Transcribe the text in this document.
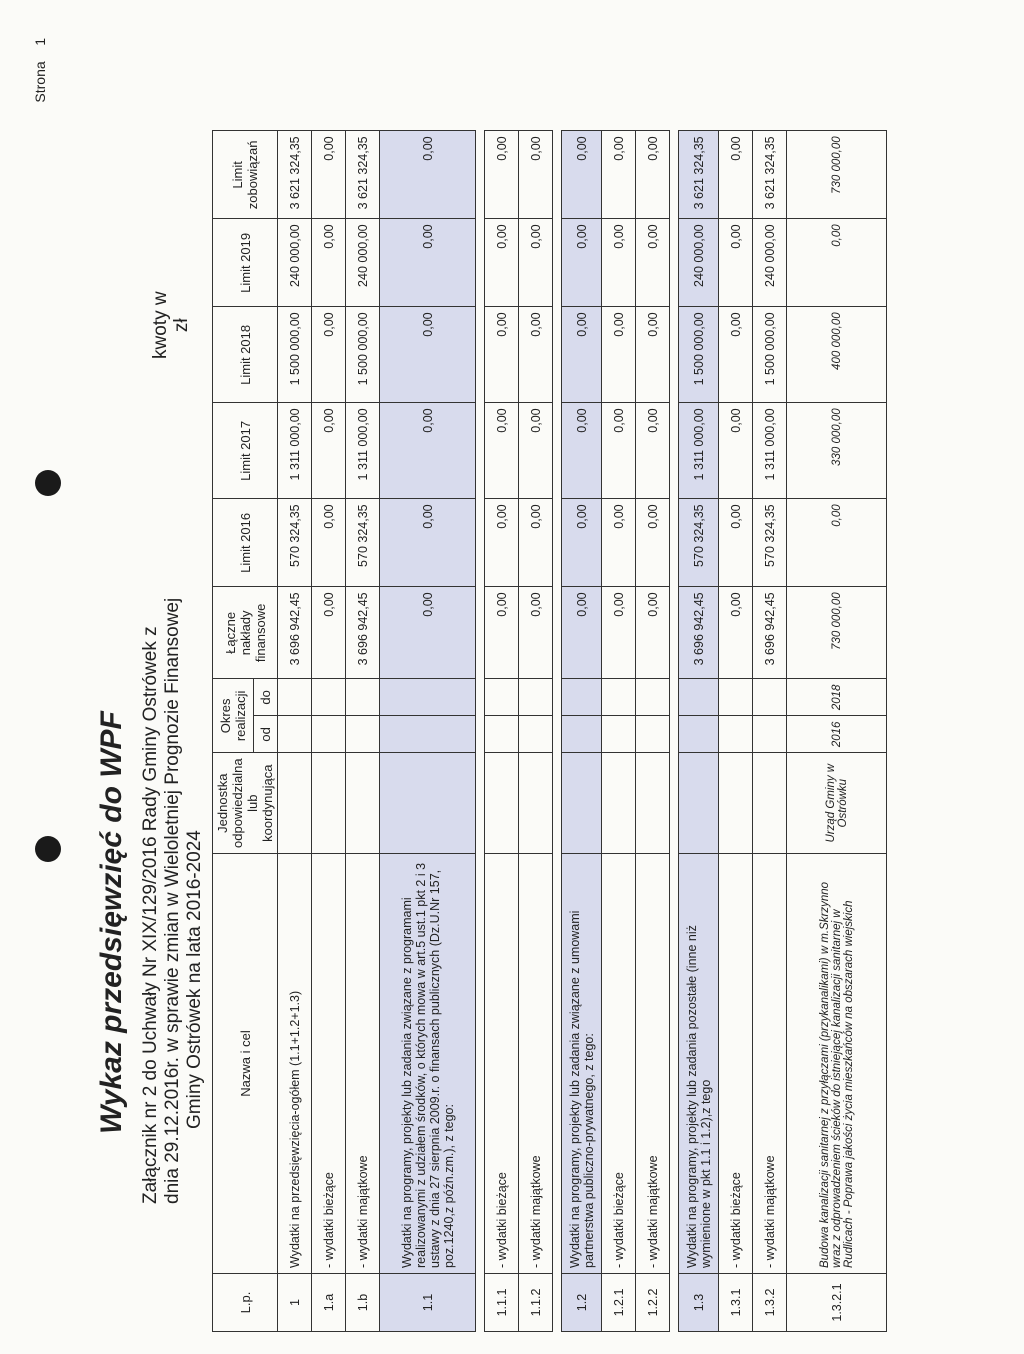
Strona    1
Wykaz przedsięwzięć do WPF Załącznik nr 2 do Uchwały Nr XIX/129/2016 Rady Gminy Ostrówek z dnia 29.12.2016r. w sprawie zmian w Wieloletniej Prognozie Finansowej Gminy Ostrówek na lata 2016-2024
kwoty w zł
L.p.	Nazwa i cel	Jednostka odpowiedzialna lub koordynująca	Okres realizacji		Łączne nakłady finansowe	Limit 2016	Limit 2017	Limit 2018	Limit 2019	Limit zobowiązań
			od	do						
1	Wydatki na przedsięwzięcia-ogółem (1.1+1.2+1.3)				3 696 942,45	570 324,35	1 311 000,00	1 500 000,00	240 000,00	3 621 324,35
1.a	- wydatki bieżące				0,00	0,00	0,00	0,00	0,00	0,00
1.b	- wydatki majątkowe				3 696 942,45	570 324,35	1 311 000,00	1 500 000,00	240 000,00	3 621 324,35
1.1	Wydatki na programy, projekty lub zadania związane z programami realizowanymi z udziałem środków, o których mowa w art.5 ust.1 pkt 2 i 3 ustawy z dnia 27 sierpnia 2009.r. o finansach publicznych (Dz.U.Nr 157, poz.1240,z późn.zm.), z tego:				0,00	0,00	0,00	0,00	0,00	0,00

1.1.1	- wydatki bieżące				0,00	0,00	0,00	0,00	0,00	0,00
1.1.2	- wydatki majątkowe				0,00	0,00	0,00	0,00	0,00	0,00

1.2	Wydatki na programy, projekty lub zadania związane z umowami partnerstwa publiczno-prywatnego, z tego:				0,00	0,00	0,00	0,00	0,00	0,00
1.2.1	- wydatki bieżące				0,00	0,00	0,00	0,00	0,00	0,00
1.2.2	- wydatki majątkowe				0,00	0,00	0,00	0,00	0,00	0,00

1.3	Wydatki na programy, projekty lub zadania pozostałe (inne niż wymienione w pkt 1.1 i 1.2),z tego				3 696 942,45	570 324,35	1 311 000,00	1 500 000,00	240 000,00	3 621 324,35
1.3.1	- wydatki bieżące				0,00	0,00	0,00	0,00	0,00	0,00
1.3.2	- wydatki majątkowe				3 696 942,45	570 324,35	1 311 000,00	1 500 000,00	240 000,00	3 621 324,35
1.3.2.1	Budowa kanalizacji sanitarnej z przyłączami (przykanalikami) w m.Skrzynno wraz z odprowadzeniem ścieków do istniejącej kanalizacji sanitarnej w Rudlicach - Poprawa jakości życia mieszkańców na obszarach wiejskich	Urząd Gminy w Ostrówku	2016	2018	730 000,00	0,00	330 000,00	400 000,00	0,00	730 000,00
